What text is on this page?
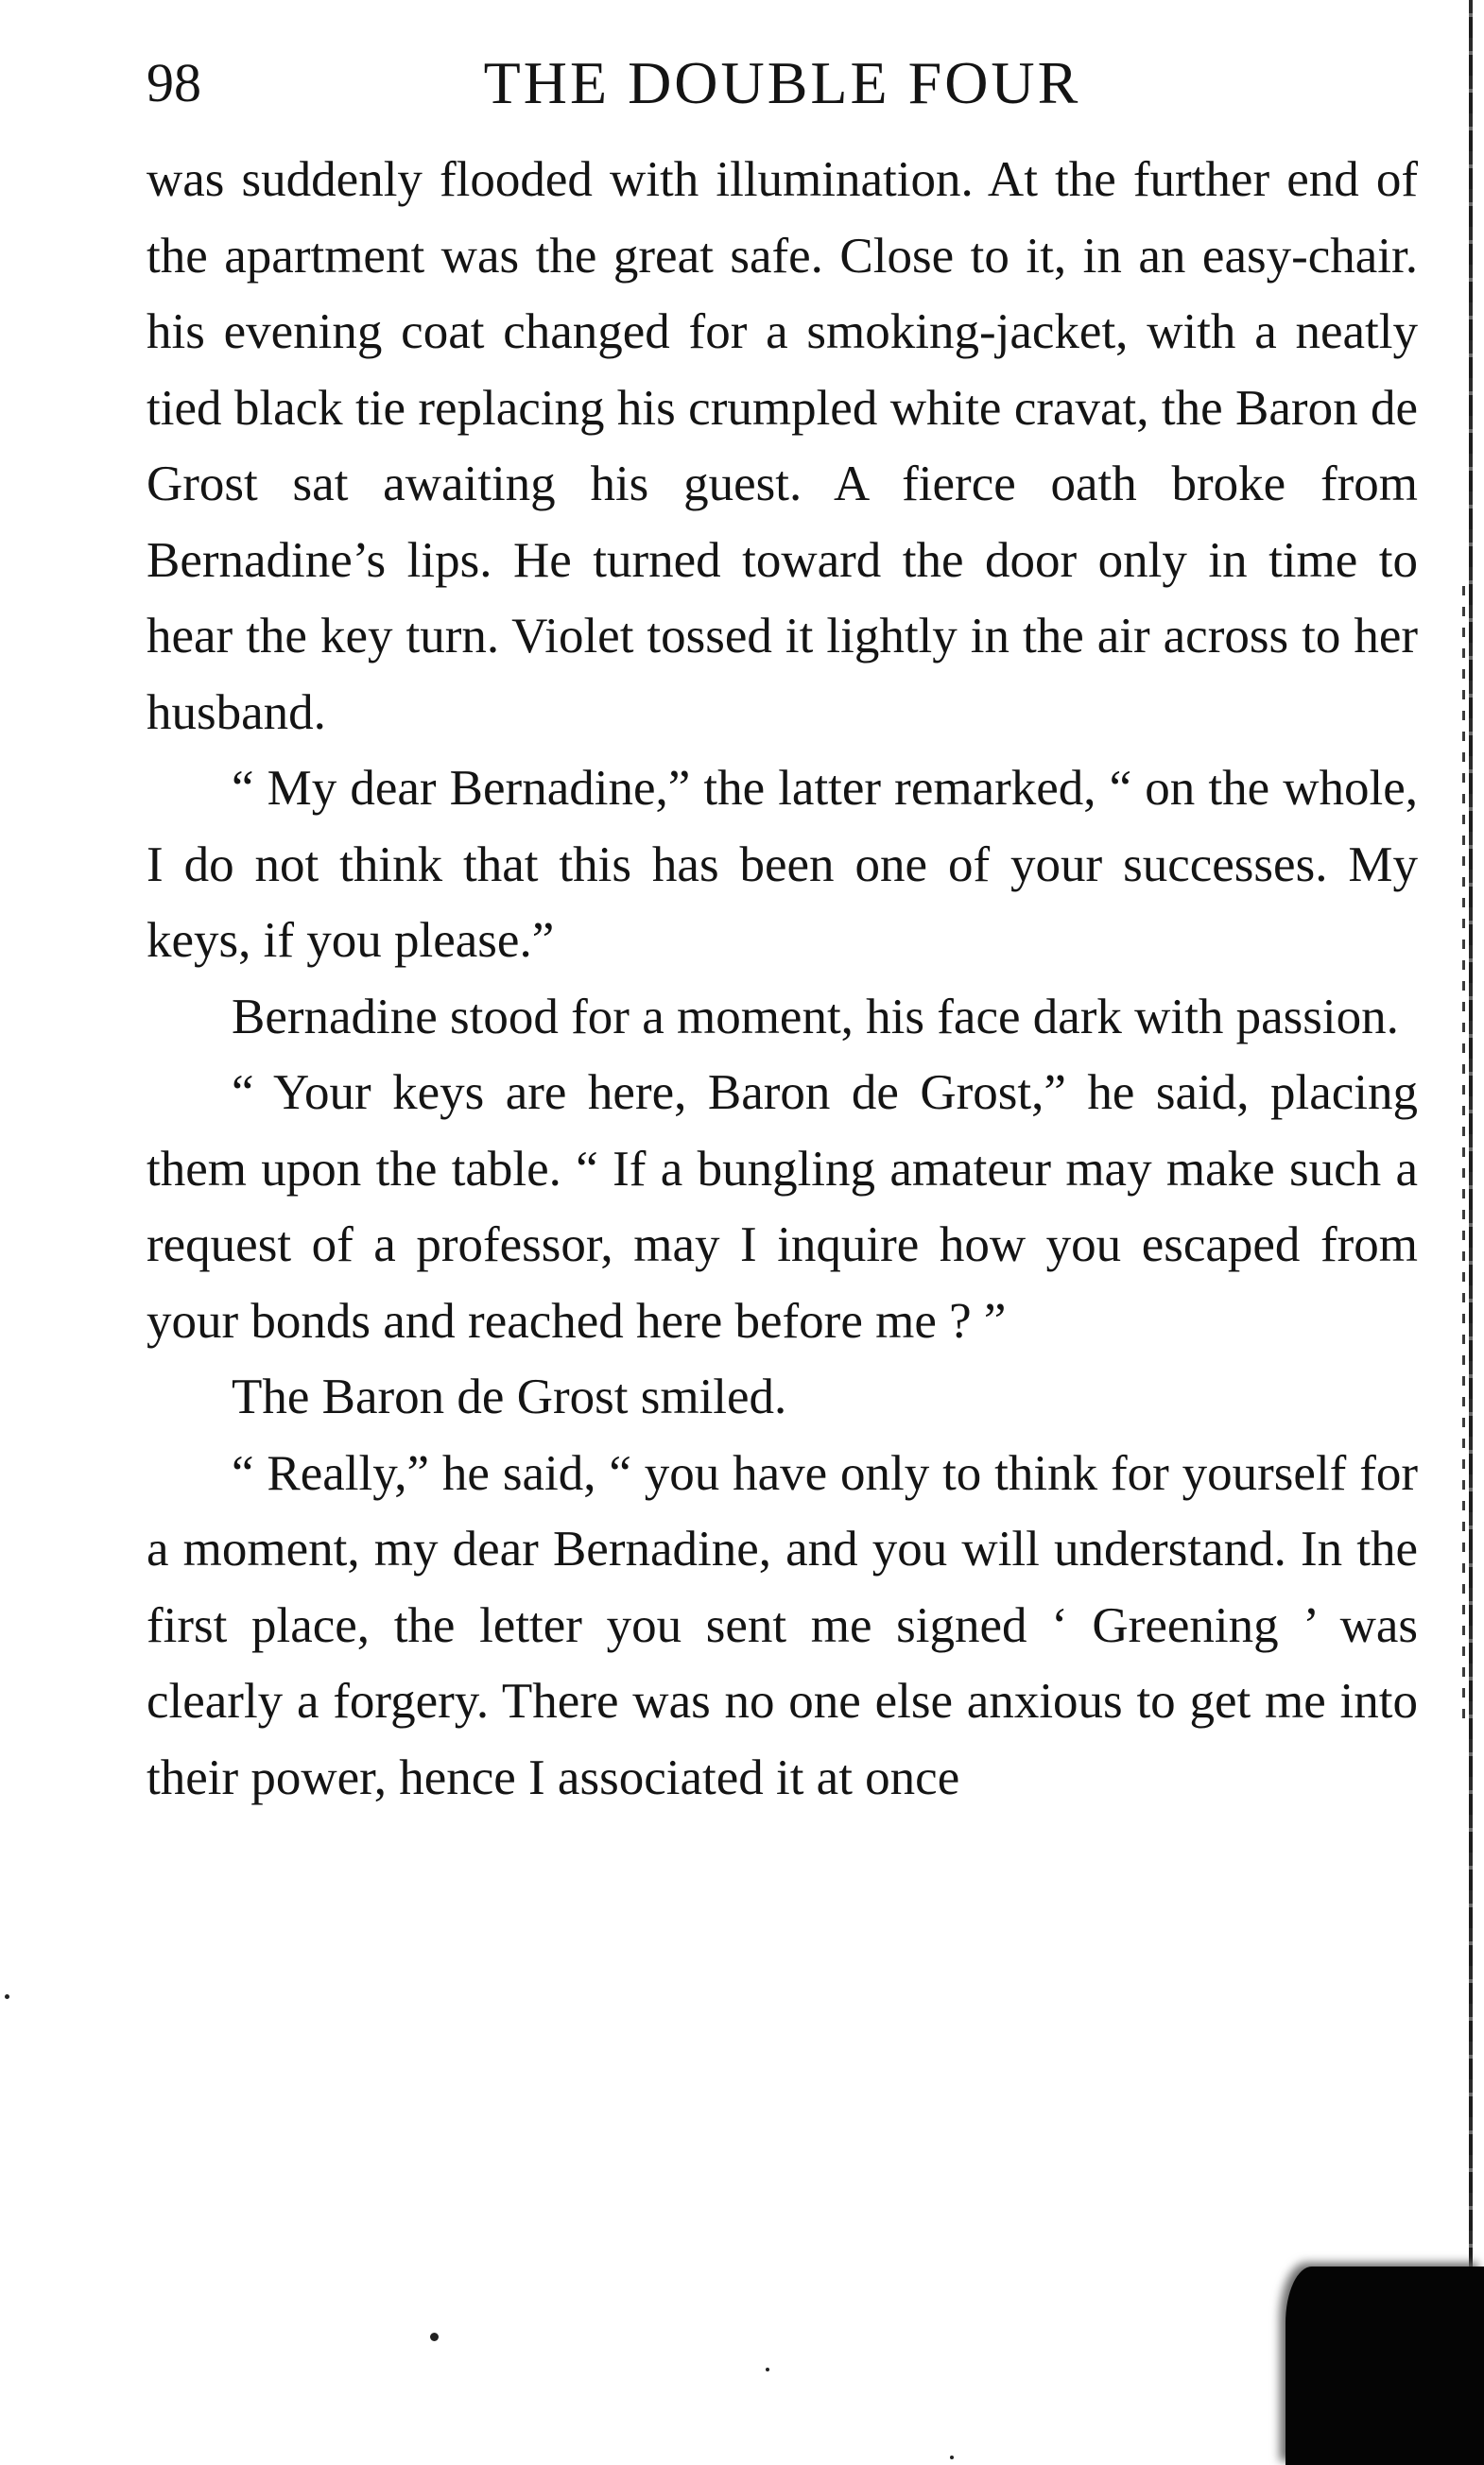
98	THE DOUBLE FOUR

was suddenly flooded with illumination. At the further end of the apartment was the great safe. Close to it, in an easy-chair. his evening coat changed for a smoking-jacket, with a neatly tied black tie replacing his crumpled white cravat, the Baron de Grost sat awaiting his guest. A fierce oath broke from Bernadine’s lips. He turned toward the door only in time to hear the key turn. Violet tossed it lightly in the air across to her husband.

“ My dear Bernadine,” the latter remarked, “ on the whole, I do not think that this has been one of your successes. My keys, if you please.”

Bernadine stood for a moment, his face dark with passion.

“ Your keys are here, Baron de Grost,” he said, placing them upon the table. “ If a bungling amateur may make such a request of a professor, may I inquire how you escaped from your bonds and reached here before me ? ”

The Baron de Grost smiled.

“ Really,” he said, “ you have only to think for yourself for a moment, my dear Bernadine, and you will understand. In the first place, the letter you sent me signed ‘ Greening ’ was clearly a forgery. There was no one else anxious to get me into their power, hence I associated it at once
